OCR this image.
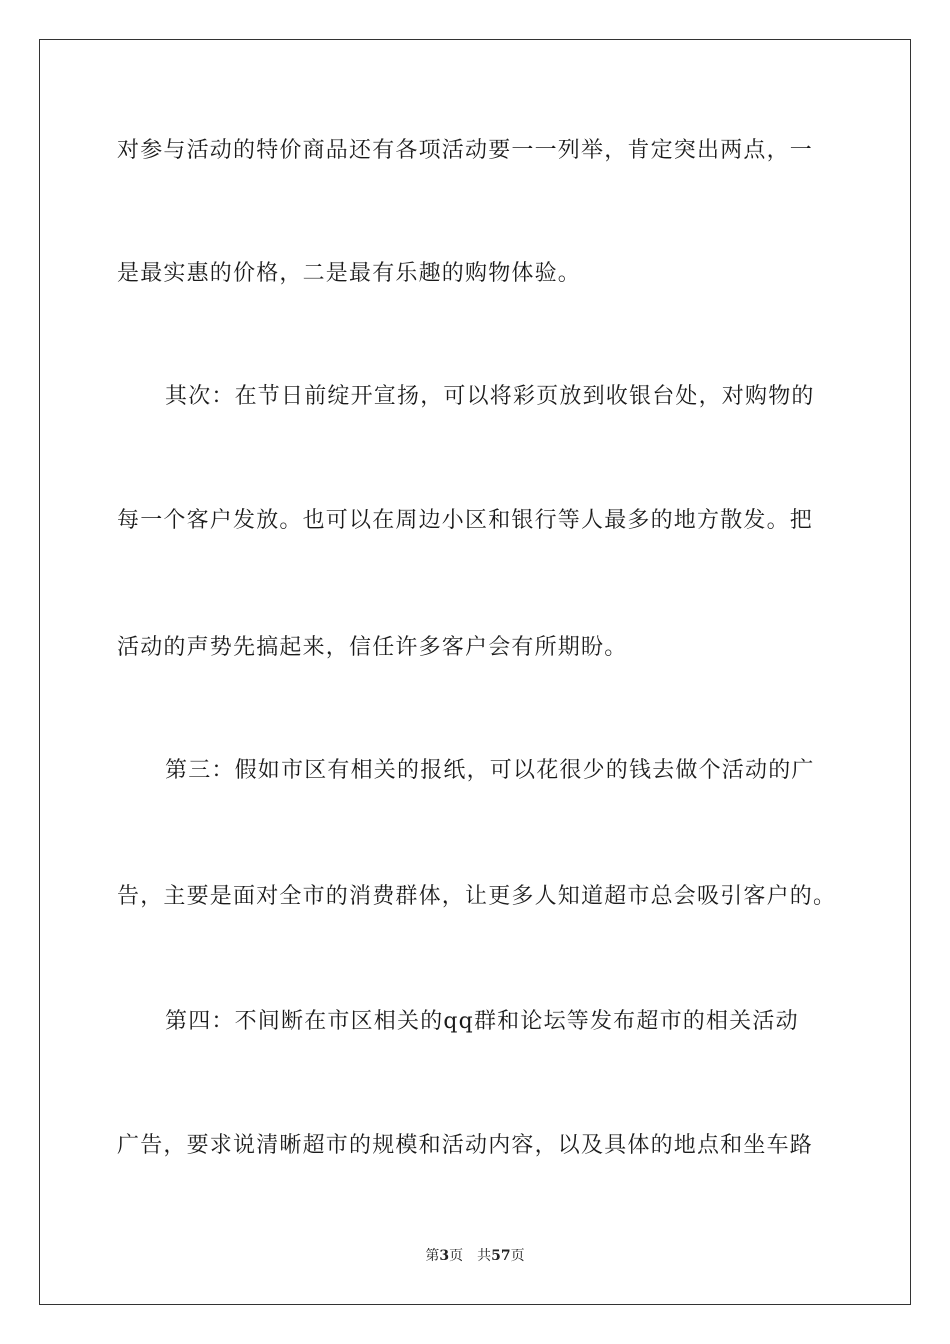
对参与活动的特价商品还有各项活动要一一列举，肯定突出两点，一
是最实惠的价格，二是最有乐趣的购物体验。
其次：在节日前绽开宣扬，可以将彩页放到收银台处，对购物的
每一个客户发放。也可以在周边小区和银行等人最多的地方散发。把
活动的声势先搞起来，信任许多客户会有所期盼。
第三：假如市区有相关的报纸，可以花很少的钱去做个活动的广
告，主要是面对全市的消费群体，让更多人知道超市总会吸引客户的。
第四：不间断在市区相关的qq群和论坛等发布超市的相关活动
广告，要求说清晰超市的规模和活动内容，以及具体的地点和坐车路
第3页 共57页
